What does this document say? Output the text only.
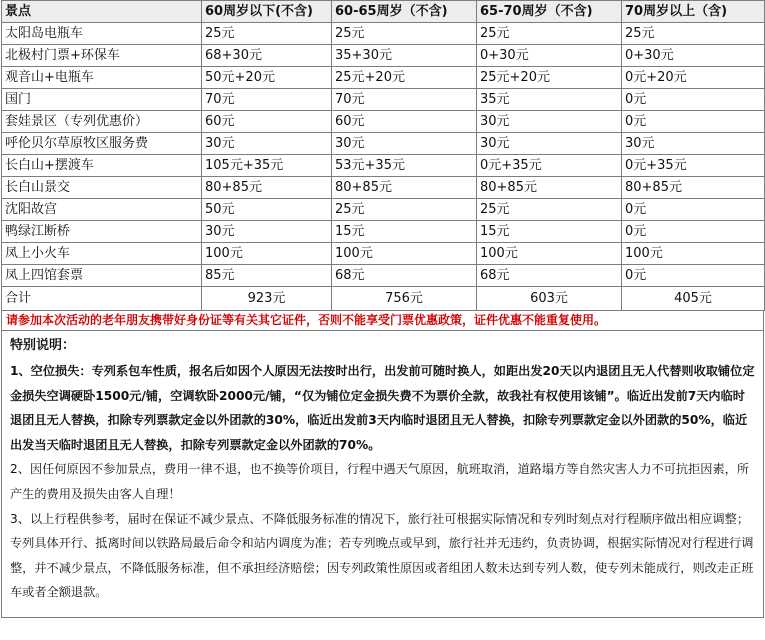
景点	60周岁以下(不含)	60-65周岁（不含)	65-70周岁（不含)	70周岁以上（含)
太阳岛电瓶车	25元	25元	25元	25元
北极村门票+环保车	68+30元	35+30元	0+30元	0+30元
观音山+电瓶车	50元+20元	25元+20元	25元+20元	0元+20元
国门	70元	70元	35元	0元
套娃景区（专列优惠价）	60元	60元	30元	0元
呼伦贝尔草原牧区服务费	30元	30元	30元	30元
长白山+摆渡车	105元+35元	53元+35元	0元+35元	0元+35元
长白山景交	80+85元	80+85元	80+85元	80+85元
沈阳故宫	50元	25元	25元	0元
鸭绿江断桥	30元	15元	15元	0元
凤上小火车	100元	100元	100元	100元
凤上四馆套票	85元	68元	68元	0元
合计	923元	756元	603元	405元
请参加本次活动的老年朋友携带好身份证等有关其它证件，否则不能享受门票优惠政策，证件优惠不能重复使用。
特别说明：
1、空位损失：专列系包车性质，报名后如因个人原因无法按时出行，出发前可随时换人，如距出发20天以内退团且无人代替则收取铺位定金损失空调硬卧1500元/铺，空调软卧2000元/铺，“仅为铺位定金损失费不为票价全款，故我社有权使用该铺”。临近出发前7天内临时退团且无人替换，扣除专列票款定金以外团款的30%，临近出发前3天内临时退团且无人替换，扣除专列票款定金以外团款的50%，临近出发当天临时退团且无人替换，扣除专列票款定金以外团款的70%。
2、因任何原因不参加景点，费用一律不退，也不换等价项目，行程中遇天气原因，航班取消，道路塌方等自然灾害人力不可抗拒因素，所产生的费用及损失由客人自理！
3、以上行程供参考，届时在保证不减少景点、不降低服务标准的情况下，旅行社可根据实际情况和专列时刻点对行程顺序做出相应调整；专列具体开行、抵离时间以铁路局最后命令和站内调度为准；若专列晚点或早到，旅行社并无违约，负责协调，根据实际情况对行程进行调整，并不减少景点，不降低服务标准，但不承担经济赔偿；因专列政策性原因或者组团人数未达到专列人数，使专列未能成行，则改走正班车或者全额退款。
